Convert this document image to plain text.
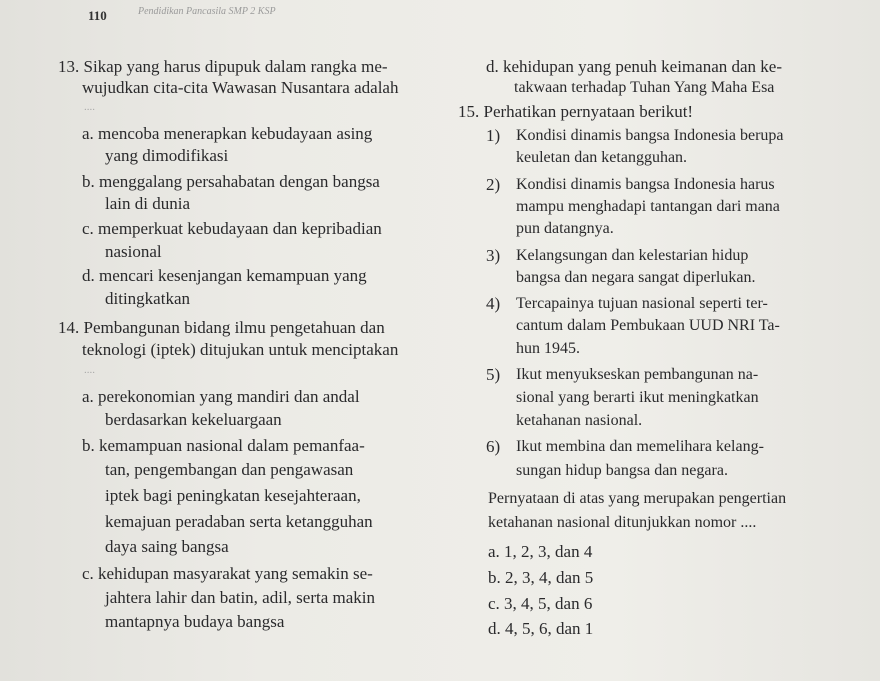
110	Pendidikan Pancasila SMP 2 KSP
13. Sikap yang harus dipupuk dalam rangka me-
wujudkan cita-cita Wawasan Nusantara adalah
....
a. mencoba menerapkan kebudayaan asing
yang dimodifikasi
b. menggalang persahabatan dengan bangsa
lain di dunia
c. memperkuat kebudayaan dan kepribadian
nasional
d. mencari kesenjangan kemampuan yang
ditingkatkan
14. Pembangunan bidang ilmu pengetahuan dan
teknologi (iptek) ditujukan untuk menciptakan
....
a. perekonomian yang mandiri dan andal
berdasarkan kekeluargaan
b. kemampuan nasional dalam pemanfaa-
tan, pengembangan dan pengawasan
iptek bagi peningkatan kesejahteraan,
kemajuan peradaban serta ketangguhan
daya saing bangsa
c. kehidupan masyarakat yang semakin se-
jahtera lahir dan batin, adil, serta makin
mantapnya budaya bangsa
d. kehidupan yang penuh keimanan dan ke-
takwaan terhadap Tuhan Yang Maha Esa
15. Perhatikan pernyataan berikut!
1) Kondisi dinamis bangsa Indonesia berupa
keuletan dan ketangguhan.
2) Kondisi dinamis bangsa Indonesia harus
mampu menghadapi tantangan dari mana
pun datangnya.
3) Kelangsungan dan kelestarian hidup
bangsa dan negara sangat diperlukan.
4) Tercapainya tujuan nasional seperti ter-
cantum dalam Pembukaan UUD NRI Ta-
hun 1945.
5) Ikut menyukseskan pembangunan na-
sional yang berarti ikut meningkatkan
ketahanan nasional.
6) Ikut membina dan memelihara kelang-
sungan hidup bangsa dan negara.
Pernyataan di atas yang merupakan pengertian
ketahanan nasional ditunjukkan nomor ....
a. 1, 2, 3, dan 4
b. 2, 3, 4, dan 5
c. 3, 4, 5, dan 6
d. 4, 5, 6, dan 1
